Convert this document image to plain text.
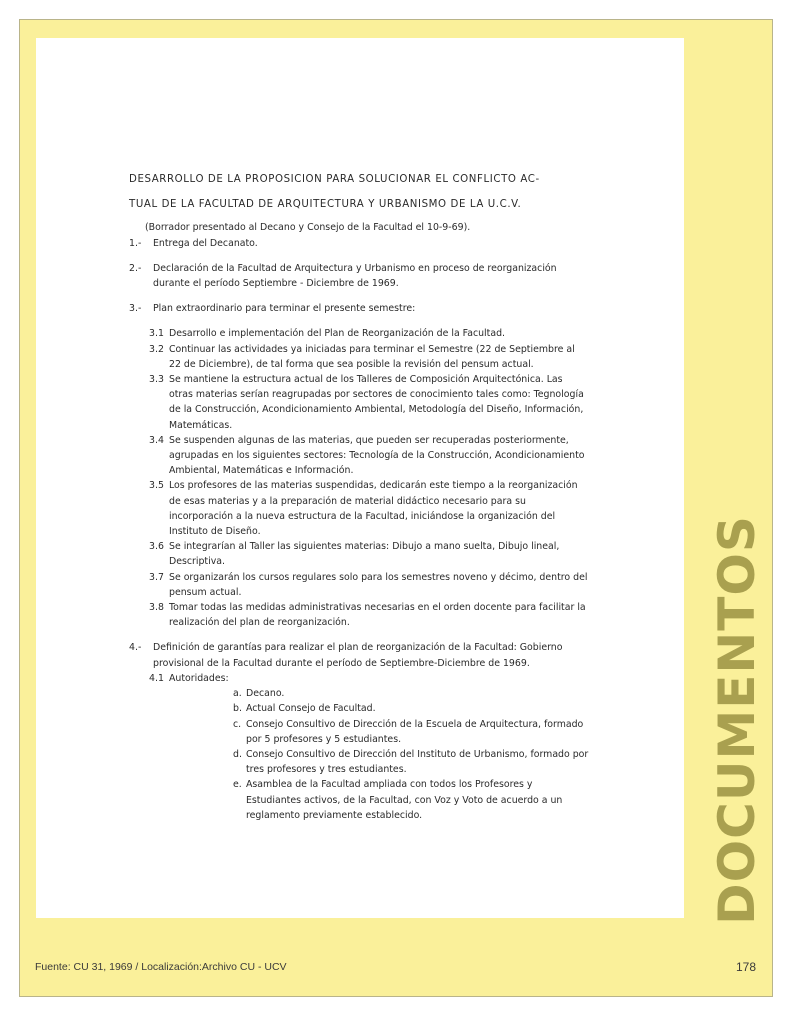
DESARROLLO DE LA PROPOSICION PARA SOLUCIONAR EL CONFLICTO AC-

TUAL DE LA FACULTAD DE ARQUITECTURA Y URBANISMO DE LA U.C.V.

(Borrador presentado al Decano y Consejo de la Facultad el 10-9-69).

1.-	Entrega del Decanato.
2.-	Declaración de la Facultad de Arquitectura y Urbanismo en proceso de reorganización durante el período Septiembre - Diciembre de 1969.
3.-	Plan extraordinario para terminar el presente semestre:
3.1 Desarrollo e implementación del Plan de Reorganización de la Facultad.
3.2 Continuar las actividades ya iniciadas para terminar el Semestre (22 de Septiembre al 22 de Diciembre), de tal forma que sea posible la revisión del pensum actual.
3.3 Se mantiene la estructura actual de los Talleres de Composición Arquitectónica. Las otras materias serían reagrupadas por sectores de conocimiento tales como: Tegnología de la Construcción, Acondicionamiento Ambiental, Metodología del Diseño, Información, Matemáticas.
3.4 Se suspenden algunas de las materias, que pueden ser recuperadas posteriormente, agrupadas en los siguientes sectores: Tecnología de la Construcción, Acondicionamiento Ambiental, Matemáticas e Información.
3.5 Los profesores de las materias suspendidas, dedicarán este tiempo a la reorganización de esas materias y a la preparación de material didáctico necesario para su incorporación a la nueva estructura de la Facultad, iniciándose la organización del Instituto de Diseño.
3.6 Se integrarían al Taller las siguientes materias: Dibujo a mano suelta, Dibujo lineal, Descriptiva.
3.7 Se organizarán los cursos regulares solo para los semestres noveno y décimo, dentro del pensum actual.
3.8 Tomar todas las medidas administrativas necesarias en el orden docente para facilitar la realización del plan de reorganización.
4.-	Definición de garantías para realizar el plan de reorganización de la Facultad: Gobierno provisional de la Facultad durante el período de Septiembre-Diciembre de 1969.
4.1 Autoridades:
a. Decano.
b. Actual Consejo de Facultad.
c. Consejo Consultivo de Dirección de la Escuela de Arquitectura, formado por 5 profesores y 5 estudiantes.
d. Consejo Consultivo de Dirección del Instituto de Urbanismo, formado por tres profesores y tres estudiantes.
e. Asamblea de la Facultad ampliada con todos los Profesores y Estudiantes activos, de la Facultad, con Voz y Voto de acuerdo a un reglamento previamente establecido.	DOCUMENTOS
Fuente: CU 31, 1969 / Localización:Archivo CU - UCV	178
